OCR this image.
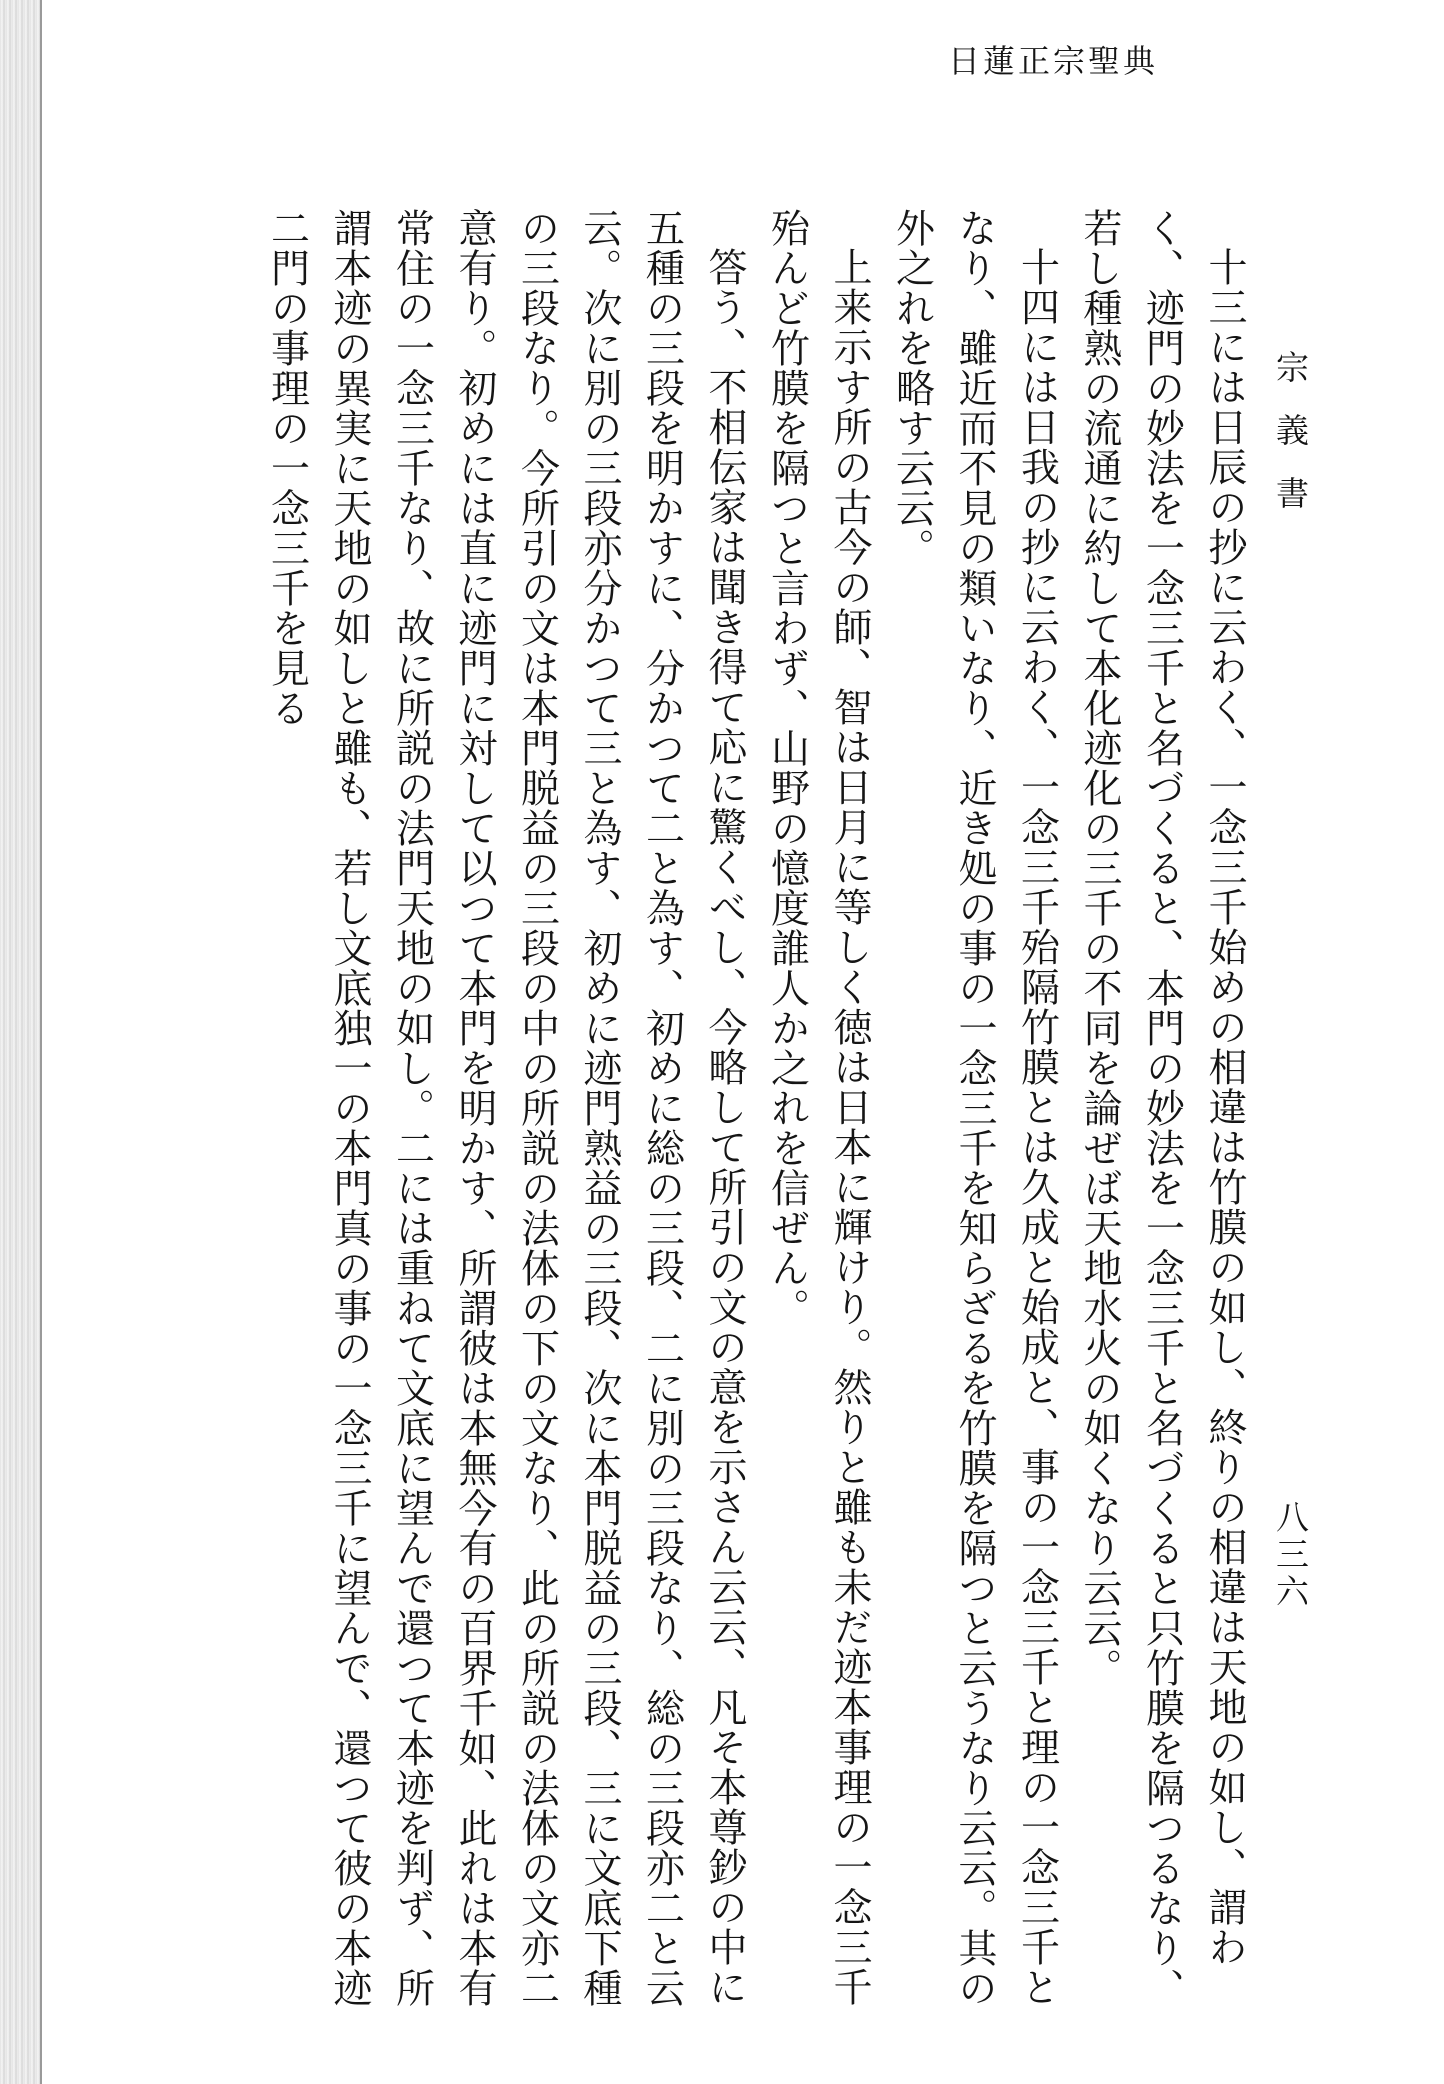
日蓮正宗聖典
宗義書
八三六

十三には日辰の抄に云わく、一念三千始めの相違は竹膜の如し、終りの相違は天地の如し、謂わく、迹門の妙法を一念三千と名づくると、本門の妙法を一念三千と名づくると只竹膜を隔つるなり、若し種熟の流通に約して本化迹化の三千の不同を論ぜば天地水火の如くなり云云。

十四には日我の抄に云わく、一念三千殆隔竹膜とは久成と始成と、事の一念三千と理の一念三千となり、雖近而不見の類いなり、近き処の事の一念三千を知らざるを竹膜を隔つと云うなり云云。其の外之れを略す云云。

上来示す所の古今の師、智は日月に等しく徳は日本に輝けり。然りと雖も未だ迹本事理の一念三千殆んど竹膜を隔つと言わず、山野の憶度誰人か之れを信ぜん。

答う、不相伝家は聞き得て応に驚くべし、今略して所引の文の意を示さん云云、凡そ本尊鈔の中に五種の三段を明かすに、分かつて二と為す、初めに総の三段、二に別の三段なり、総の三段亦二と云云。次に別の三段亦分かつて三と為す、初めに迹門熟益の三段、次に本門脱益の三段、三に文底下種の三段なり。今所引の文は本門脱益の三段の中の所説の法体の下の文なり、此の所説の法体の文亦二意有り。初めには直に迹門に対して以つて本門を明かす、所謂彼は本無今有の百界千如、此れは本有常住の一念三千なり、故に所説の法門天地の如し。二には重ねて文底に望んで還つて本迹を判ず、所謂本迹の異実に天地の如しと雖も、若し文底独一の本門真の事の一念三千に望んで、還つて彼の本迹二門の事理の一念三千を見る
